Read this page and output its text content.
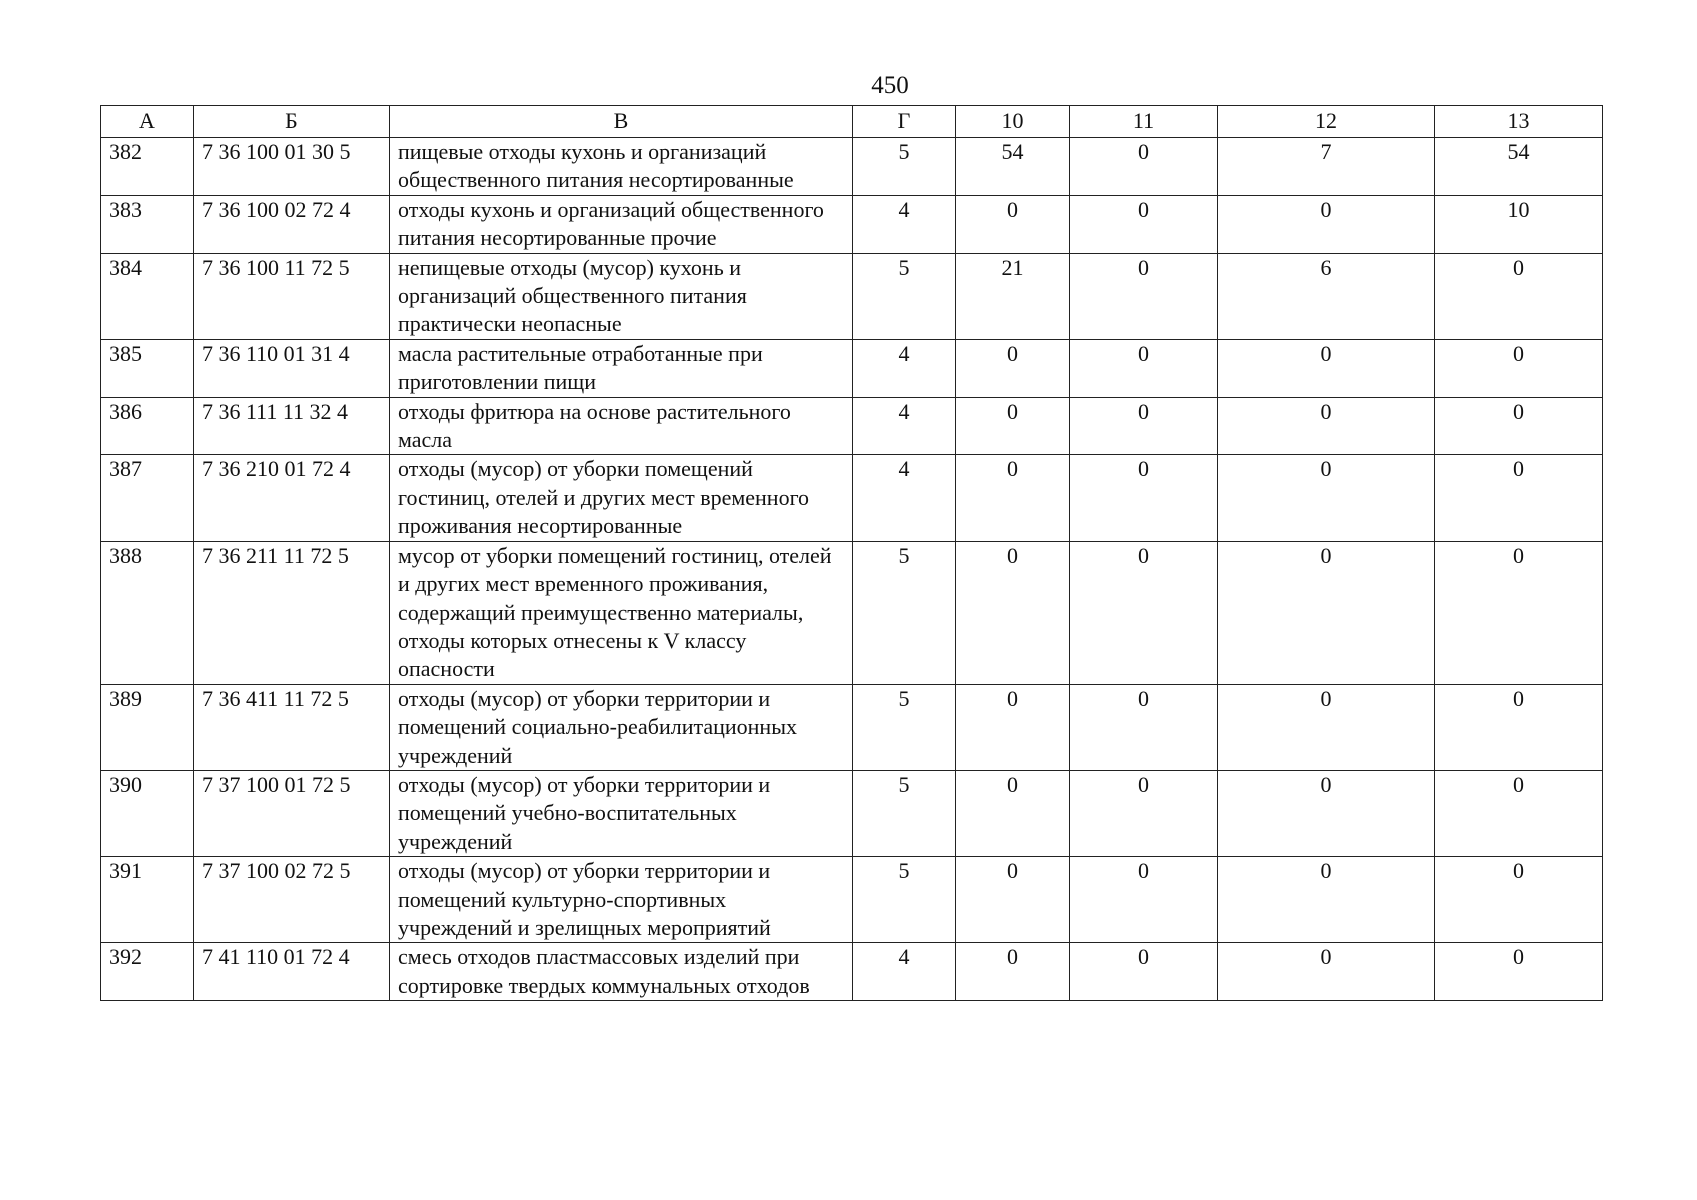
450
А	Б	В	Г	10	11	12	13
382	7 36 100 01 30 5	пищевые отходы кухонь и организаций общественного питания несортированные	5	54	0	7	54
383	7 36 100 02 72 4	отходы кухонь и организаций общественного питания несортированные прочие	4	0	0	0	10
384	7 36 100 11 72 5	непищевые отходы (мусор) кухонь и организаций общественного питания практически неопасные	5	21	0	6	0
385	7 36 110 01 31 4	масла растительные отработанные при приготовлении пищи	4	0	0	0	0
386	7 36 111 11 32 4	отходы фритюра на основе растительного масла	4	0	0	0	0
387	7 36 210 01 72 4	отходы (мусор) от уборки помещений гостиниц, отелей и других мест временного проживания несортированные	4	0	0	0	0
388	7 36 211 11 72 5	мусор от уборки помещений гостиниц, отелей и других мест временного проживания, содержащий преимущественно материалы, отходы которых отнесены к V классу опасности	5	0	0	0	0
389	7 36 411 11 72 5	отходы (мусор) от уборки территории и помещений социально-реабилитационных учреждений	5	0	0	0	0
390	7 37 100 01 72 5	отходы (мусор) от уборки территории и помещений учебно-воспитательных учреждений	5	0	0	0	0
391	7 37 100 02 72 5	отходы (мусор) от уборки территории и помещений культурно-спортивных учреждений и зрелищных мероприятий	5	0	0	0	0
392	7 41 110 01 72 4	смесь отходов пластмассовых изделий при сортировке твердых коммунальных отходов	4	0	0	0	0
